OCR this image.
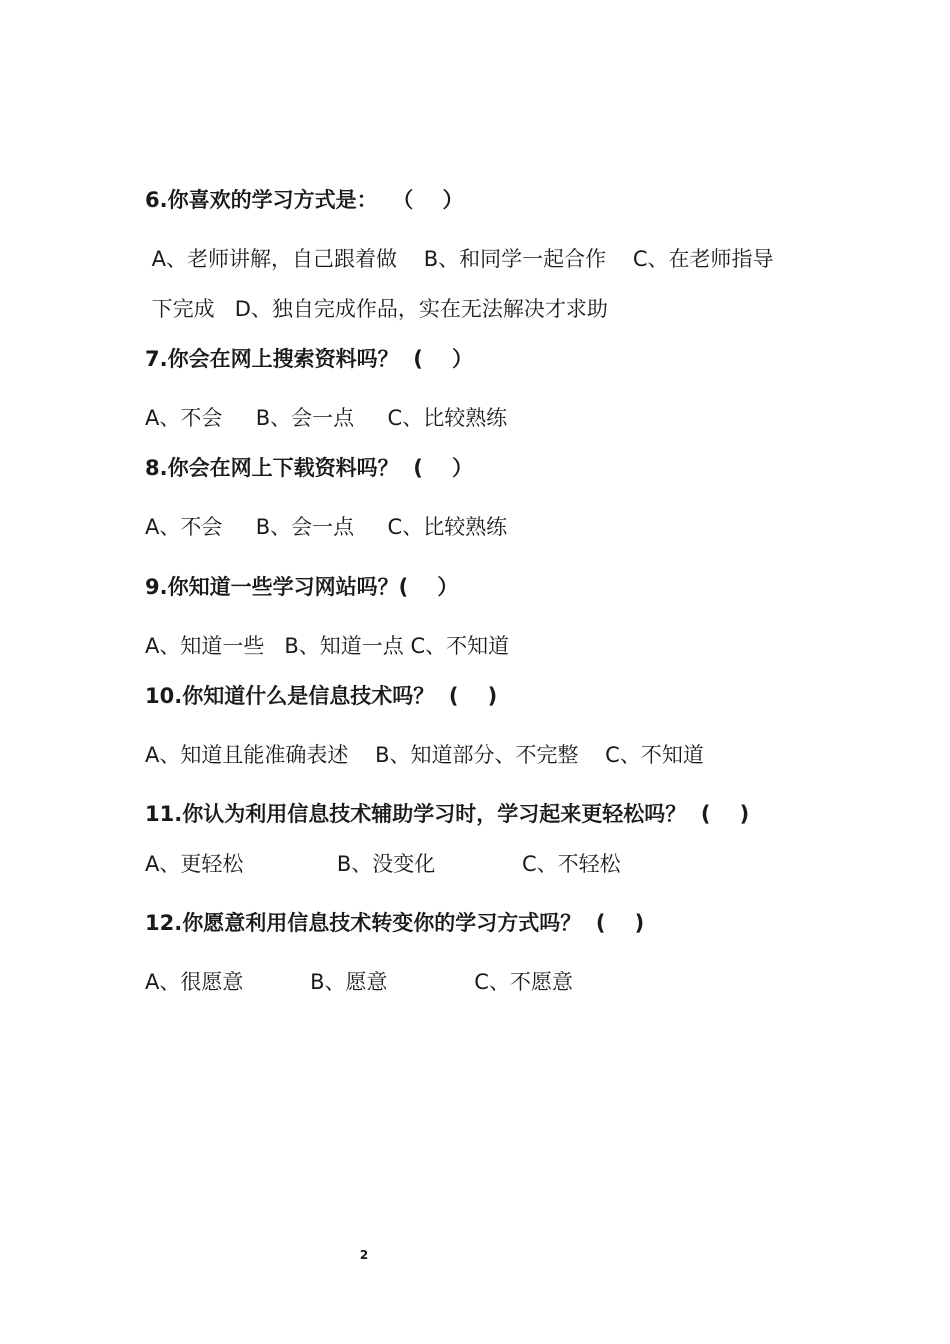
6.你喜欢的学习方式是：  （    ）
A、老师讲解，自己跟着做    B、和同学一起合作    C、在老师指导
下完成   D、独自完成作品，实在无法解决才求助
7.你会在网上搜索资料吗？  (    ）
A、不会     B、会一点     C、比较熟练
8.你会在网上下载资料吗？  (    ）
A、不会     B、会一点     C、比较熟练
9.你知道一些学习网站吗？(    ）
A、知道一些   B、知道一点 C、不知道
10.你知道什么是信息技术吗？  (    )
A、知道且能准确表述    B、知道部分、不完整    C、不知道
11.你认为利用信息技术辅助学习时，学习起来更轻松吗？  (    )
A、更轻松              B、没变化             C、不轻松
12.你愿意利用信息技术转变你的学习方式吗？  (    )
A、很愿意          B、愿意             C、不愿意
2
